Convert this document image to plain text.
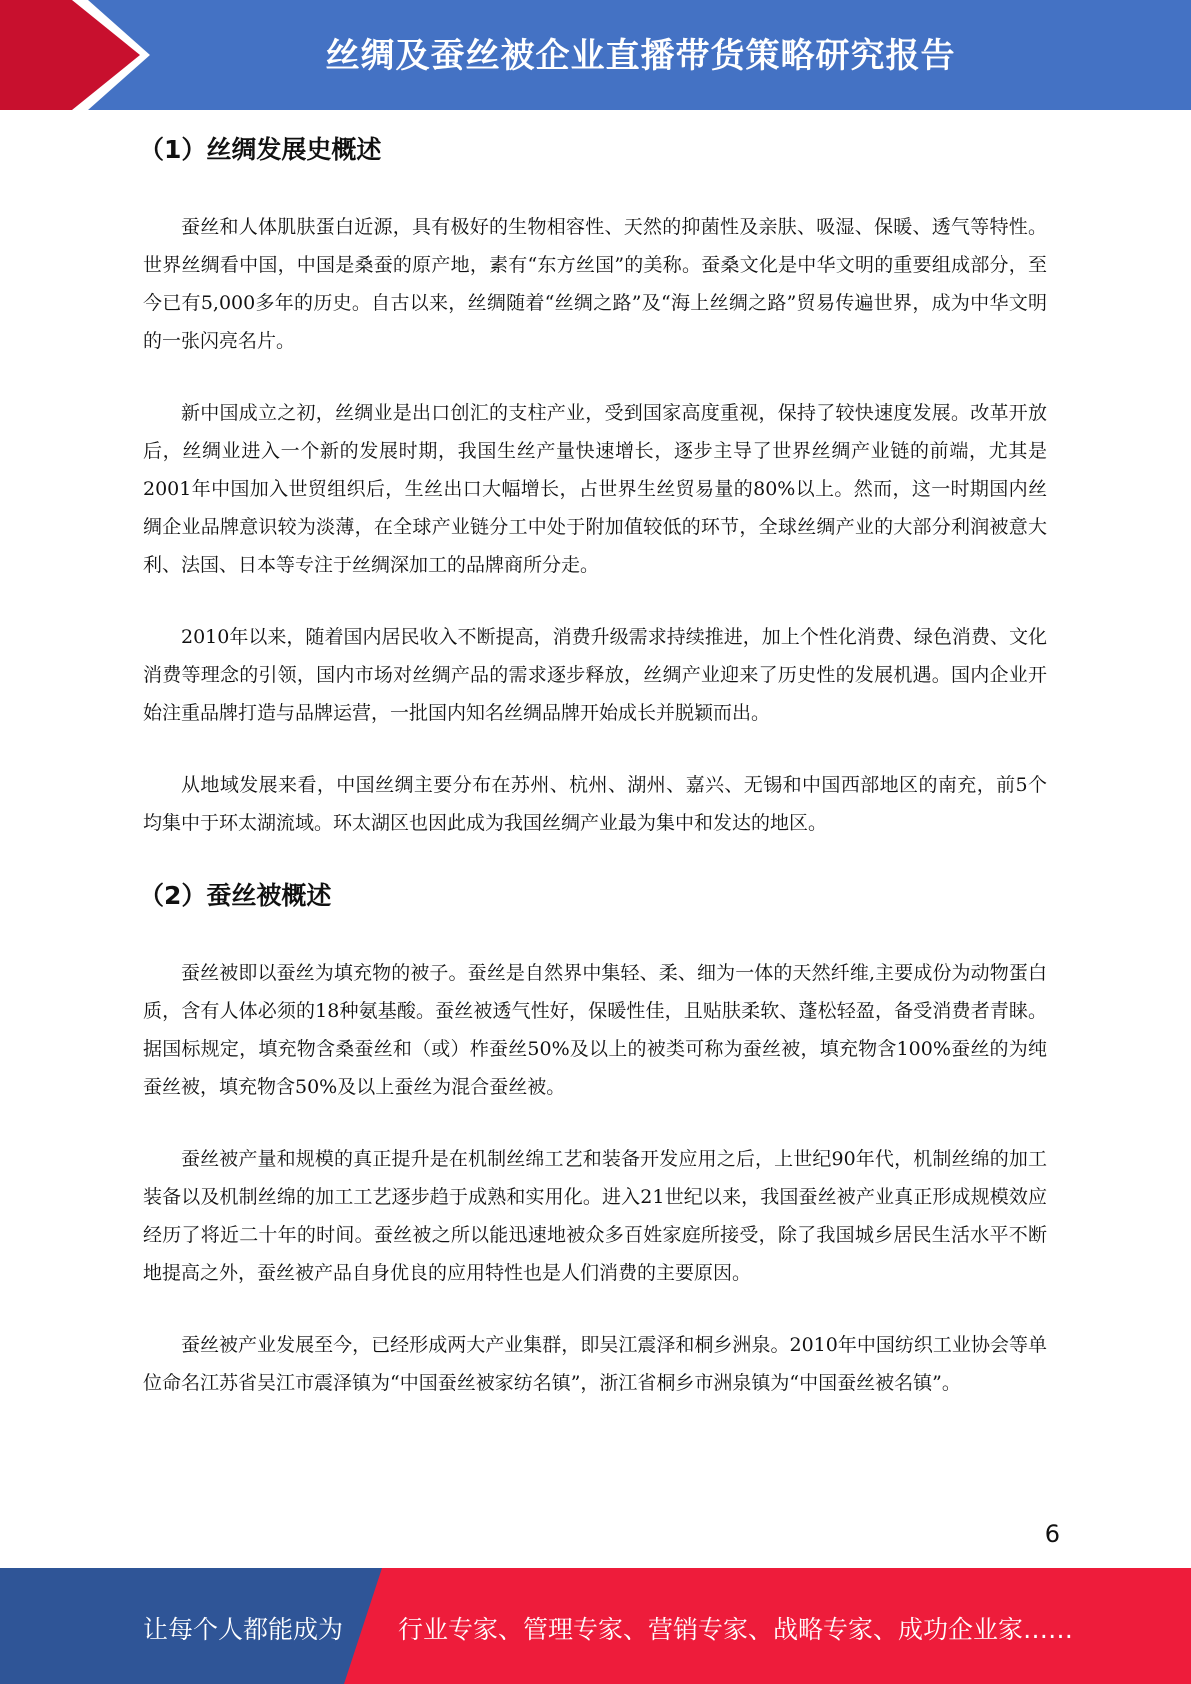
丝绸及蚕丝被企业直播带货策略研究报告
（1）丝绸发展史概述

蚕丝和人体肌肤蛋白近源，具有极好的生物相容性、天然的抑菌性及亲肤、吸湿、保暖、透气等特性。世界丝绸看中国，中国是桑蚕的原产地，素有“东方丝国”的美称。蚕桑文化是中华文明的重要组成部分，至今已有5,000多年的历史。自古以来，丝绸随着“丝绸之路”及“海上丝绸之路”贸易传遍世界，成为中华文明的一张闪亮名片。

新中国成立之初，丝绸业是出口创汇的支柱产业，受到国家高度重视，保持了较快速度发展。改革开放后，丝绸业进入一个新的发展时期，我国生丝产量快速增长，逐步主导了世界丝绸产业链的前端，尤其是2001年中国加入世贸组织后，生丝出口大幅增长，占世界生丝贸易量的80%以上。然而，这一时期国内丝绸企业品牌意识较为淡薄，在全球产业链分工中处于附加值较低的环节，全球丝绸产业的大部分利润被意大利、法国、日本等专注于丝绸深加工的品牌商所分走。

2010年以来，随着国内居民收入不断提高，消费升级需求持续推进，加上个性化消费、绿色消费、文化消费等理念的引领，国内市场对丝绸产品的需求逐步释放，丝绸产业迎来了历史性的发展机遇。国内企业开始注重品牌打造与品牌运营，一批国内知名丝绸品牌开始成长并脱颖而出。

从地域发展来看，中国丝绸主要分布在苏州、杭州、湖州、嘉兴、无锡和中国西部地区的南充，前5个均集中于环太湖流域。环太湖区也因此成为我国丝绸产业最为集中和发达的地区。

（2）蚕丝被概述

蚕丝被即以蚕丝为填充物的被子。蚕丝是自然界中集轻、柔、细为一体的天然纤维,主要成份为动物蛋白质，含有人体必须的18种氨基酸。蚕丝被透气性好，保暖性佳，且贴肤柔软、蓬松轻盈，备受消费者青睐。据国标规定，填充物含桑蚕丝和（或）柞蚕丝50%及以上的被类可称为蚕丝被，填充物含100%蚕丝的为纯蚕丝被，填充物含50%及以上蚕丝为混合蚕丝被。

蚕丝被产量和规模的真正提升是在机制丝绵工艺和装备开发应用之后，上世纪90年代，机制丝绵的加工装备以及机制丝绵的加工工艺逐步趋于成熟和实用化。进入21世纪以来，我国蚕丝被产业真正形成规模效应经历了将近二十年的时间。蚕丝被之所以能迅速地被众多百姓家庭所接受，除了我国城乡居民生活水平不断地提高之外，蚕丝被产品自身优良的应用特性也是人们消费的主要原因。

蚕丝被产业发展至今，已经形成两大产业集群，即吴江震泽和桐乡洲泉。2010年中国纺织工业协会等单位命名江苏省吴江市震泽镇为“中国蚕丝被家纺名镇”，浙江省桐乡市洲泉镇为“中国蚕丝被名镇”。

6
让每个人都能成为 行业专家、管理专家、营销专家、战略专家、成功企业家……
